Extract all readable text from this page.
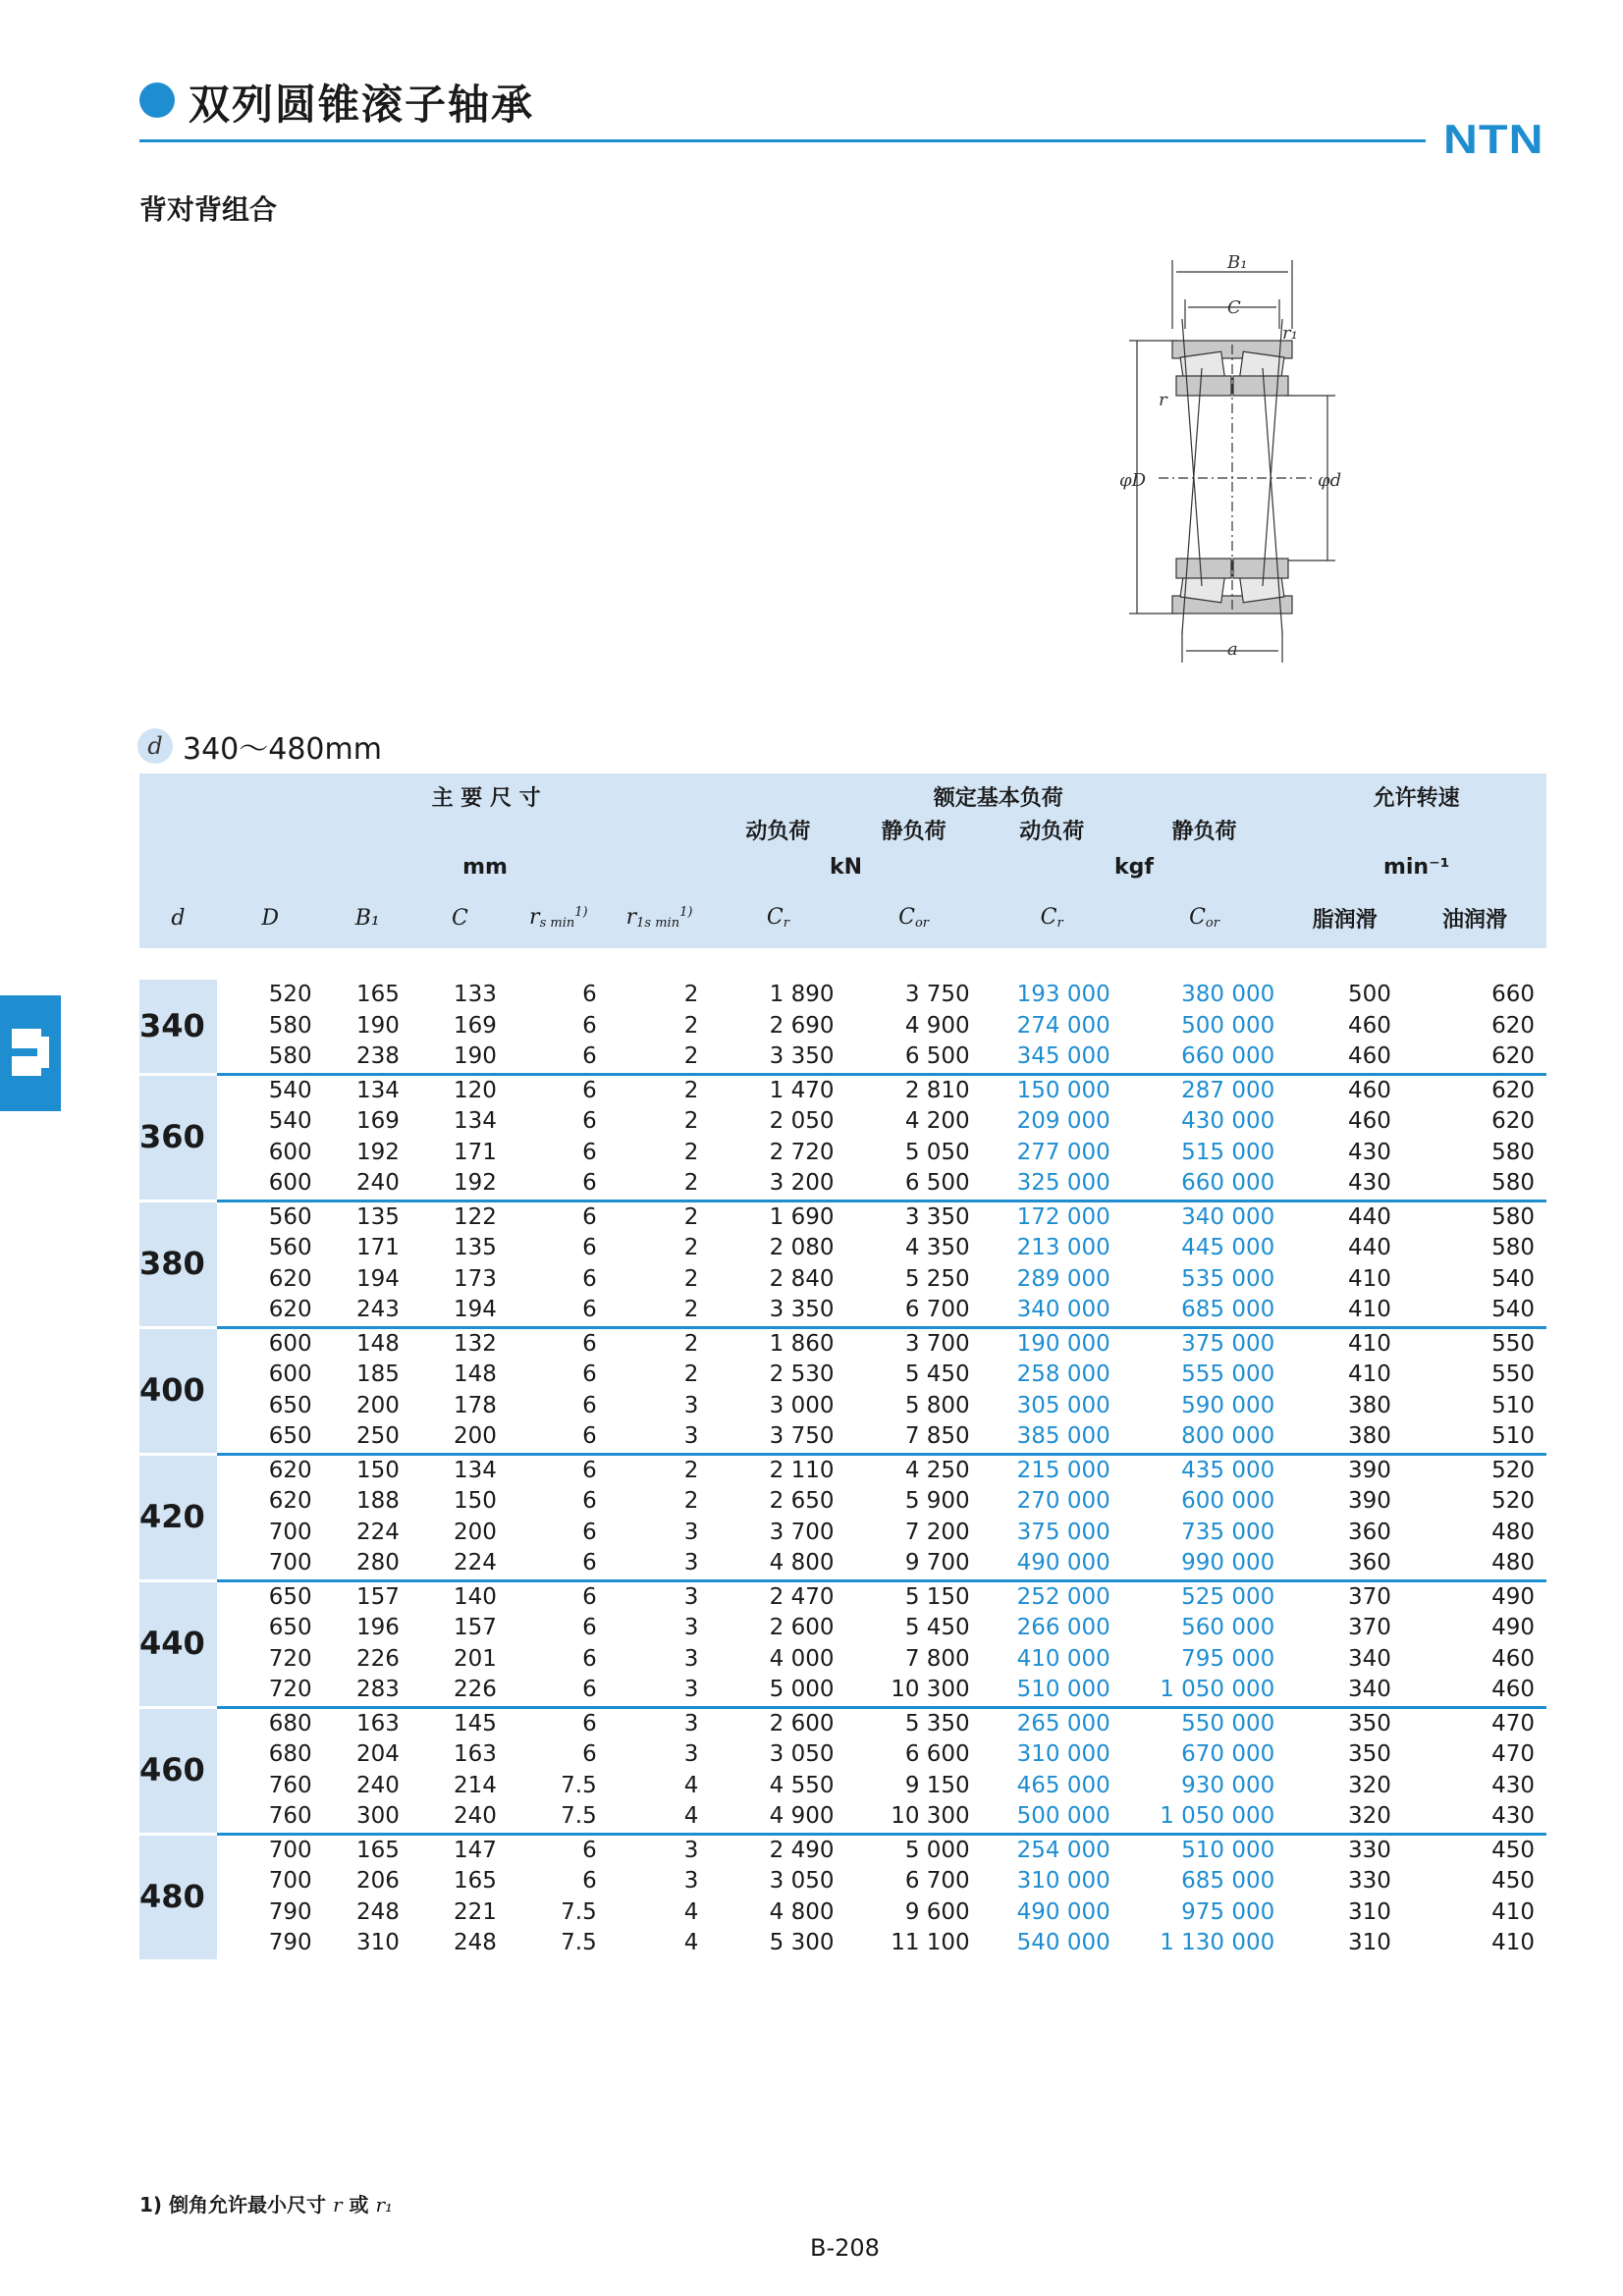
双列圆锥滚子轴承
NTN
背对背组合
B₁
C
r₁
r
φD	φd
a
d 340～480mm
		主 要 尺 寸				额定基本负荷				允许转速	
						动负荷	静负荷	动负荷	静负荷		
		mm				kN		kgf		min⁻¹	
d	D	B₁	C	$r_{s min}^{1)}$	$r_{1s min}^{1)}$	$C_r$	$C_{or}$	$C_r$	$C_{or}$	脂润滑	油润滑

340	520	165	133	6	2	1 890	3 750	193 000	380 000	500	660
	580	190	169	6	2	2 690	4 900	274 000	500 000	460	620
	580	238	190	6	2	3 350	6 500	345 000	660 000	460	620
360	540	134	120	6	2	1 470	2 810	150 000	287 000	460	620
	540	169	134	6	2	2 050	4 200	209 000	430 000	460	620
	600	192	171	6	2	2 720	5 050	277 000	515 000	430	580
	600	240	192	6	2	3 200	6 500	325 000	660 000	430	580
380	560	135	122	6	2	1 690	3 350	172 000	340 000	440	580
	560	171	135	6	2	2 080	4 350	213 000	445 000	440	580
	620	194	173	6	2	2 840	5 250	289 000	535 000	410	540
	620	243	194	6	2	3 350	6 700	340 000	685 000	410	540
400	600	148	132	6	2	1 860	3 700	190 000	375 000	410	550
	600	185	148	6	2	2 530	5 450	258 000	555 000	410	550
	650	200	178	6	3	3 000	5 800	305 000	590 000	380	510
	650	250	200	6	3	3 750	7 850	385 000	800 000	380	510
420	620	150	134	6	2	2 110	4 250	215 000	435 000	390	520
	620	188	150	6	2	2 650	5 900	270 000	600 000	390	520
	700	224	200	6	3	3 700	7 200	375 000	735 000	360	480
	700	280	224	6	3	4 800	9 700	490 000	990 000	360	480
440	650	157	140	6	3	2 470	5 150	252 000	525 000	370	490
	650	196	157	6	3	2 600	5 450	266 000	560 000	370	490
	720	226	201	6	3	4 000	7 800	410 000	795 000	340	460
	720	283	226	6	3	5 000	10 300	510 000	1 050 000	340	460
460	680	163	145	6	3	2 600	5 350	265 000	550 000	350	470
	680	204	163	6	3	3 050	6 600	310 000	670 000	350	470
	760	240	214	7.5	4	4 550	9 150	465 000	930 000	320	430
	760	300	240	7.5	4	4 900	10 300	500 000	1 050 000	320	430
480	700	165	147	6	3	2 490	5 000	254 000	510 000	330	450
	700	206	165	6	3	3 050	6 700	310 000	685 000	330	450
	790	248	221	7.5	4	4 800	9 600	490 000	975 000	310	410
	790	310	248	7.5	4	5 300	11 100	540 000	1 130 000	310	410
1) 倒角允许最小尺寸 r 或 r₁
B-208
